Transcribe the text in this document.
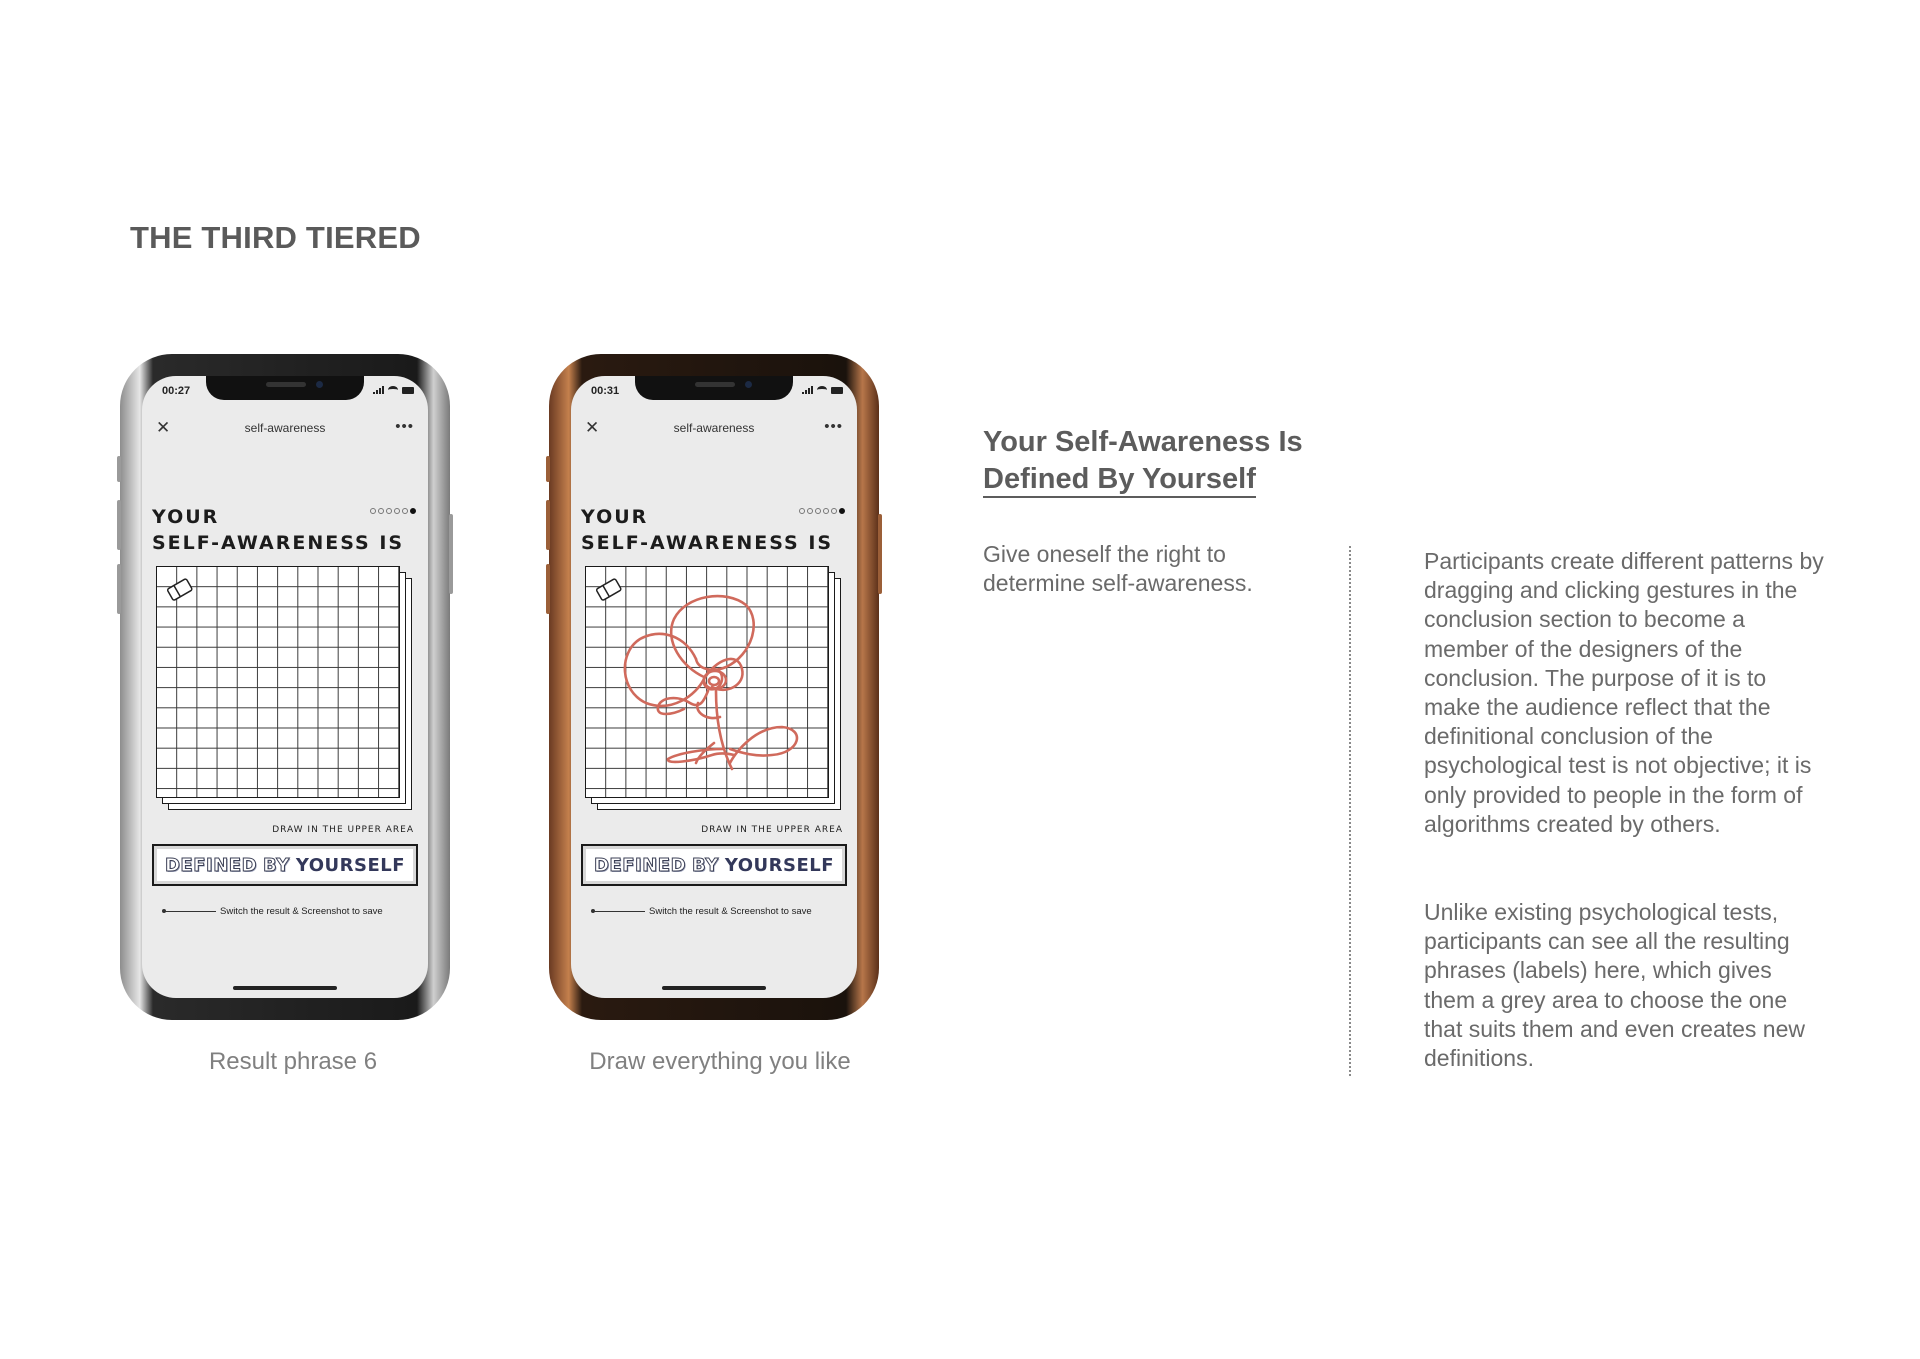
THE THIRD TIERED
00:27
✕	self-awareness	•••
YOUR
SELF-AWARENESS IS
DRAW IN THE UPPER AREA
DEFINED BY YOURSELF
Switch the result & Screenshot to save
Result phrase 6
00:31
✕	self-awareness	•••
YOUR
SELF-AWARENESS IS
DRAW IN THE UPPER AREA
DEFINED BY YOURSELF
Switch the result & Screenshot to save
Draw everything you like
Your Self-Awareness Is
Defined By Yourself

Give oneself the right to determine self-awareness.

Participants create different patterns by dragging and clicking gestures in the conclusion section to become a member of the designers of the conclusion. The purpose of it is to make the audience reflect that the definitional conclusion of the psychological test is not objective; it is only provided to people in the form of algorithms created by others.

Unlike existing psychological tests, participants can see all the resulting phrases (labels) here, which gives them a grey area to choose the one that suits them and even creates new definitions.
